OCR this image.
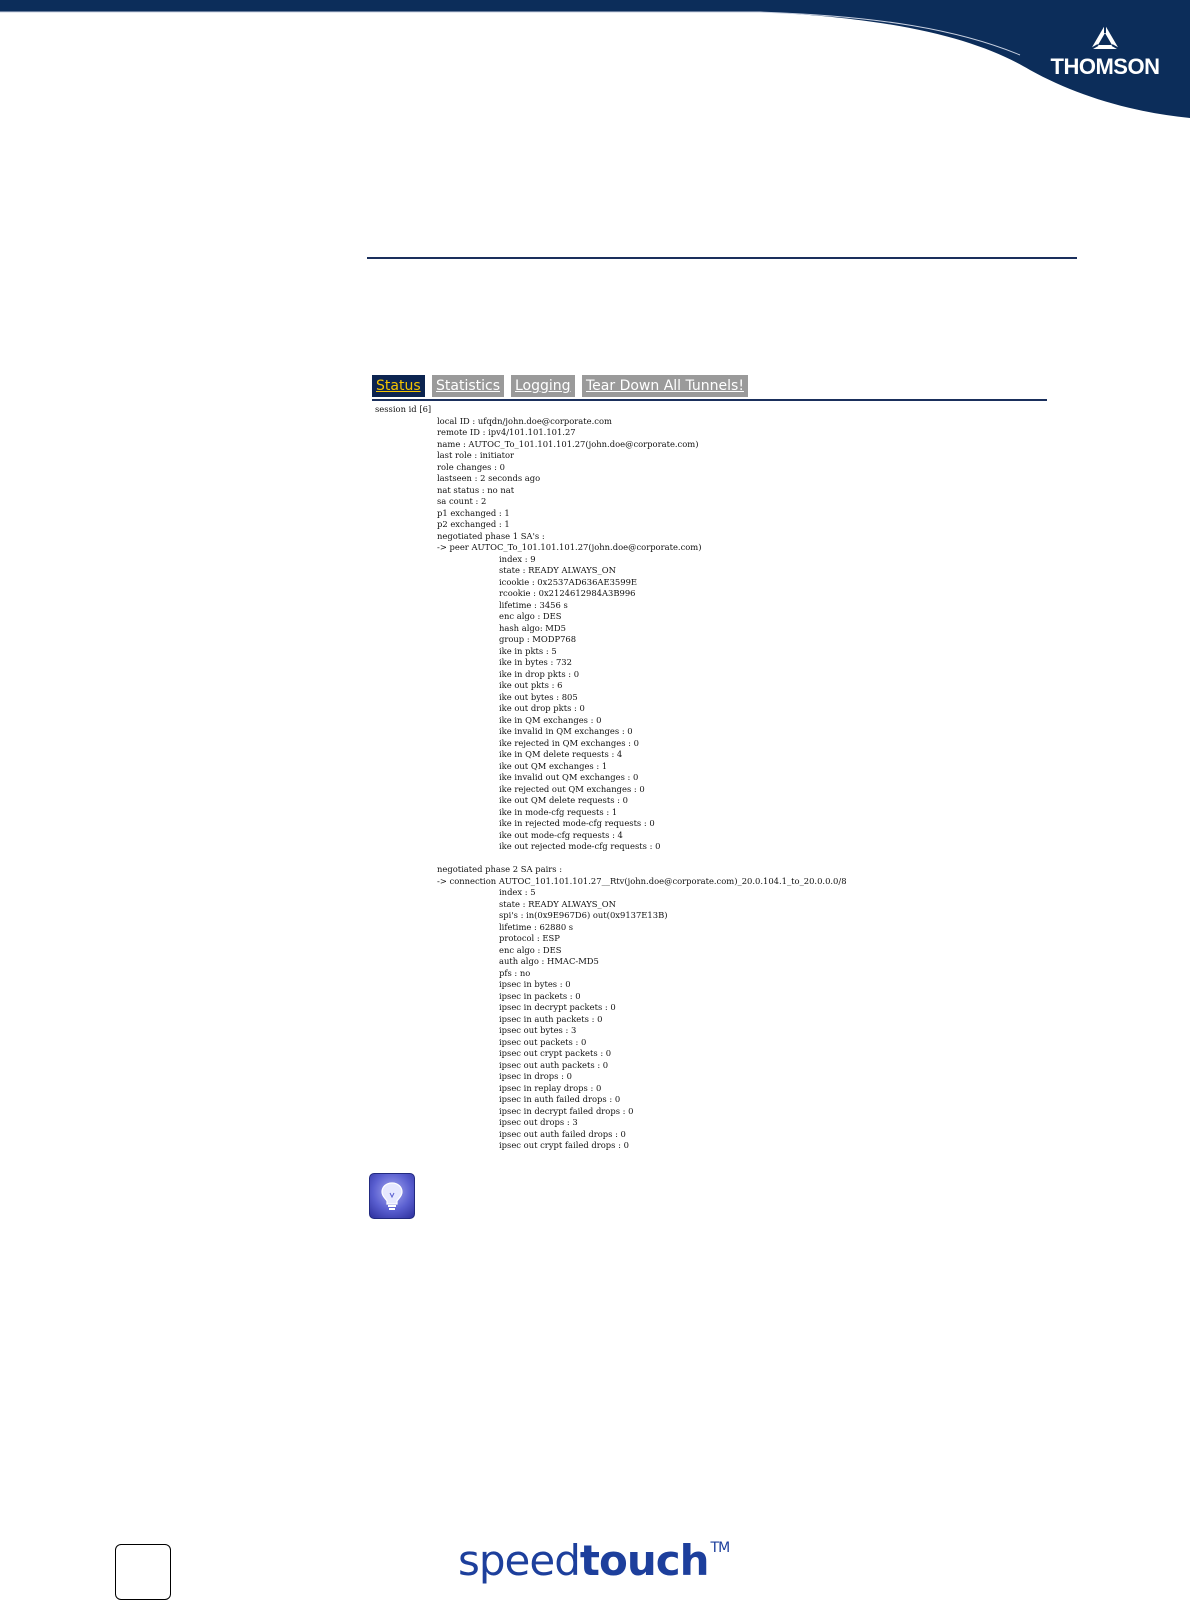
THOMSON
Status Statistics Logging Tear Down All Tunnels!
session id [6]
local ID : ufqdn/john.doe@corporate.com
remote ID : ipv4/101.101.101.27
name : AUTOC_To_101.101.101.27(john.doe@corporate.com)
last role : initiator
role changes : 0
lastseen : 2 seconds ago
nat status : no nat
sa count : 2
p1 exchanged : 1
p2 exchanged : 1
negotiated phase 1 SA's :
-> peer AUTOC_To_101.101.101.27(john.doe@corporate.com)
index : 9
state : READY ALWAYS_ON
icookie : 0x2537AD636AE3599E
rcookie : 0x2124612984A3B996
lifetime : 3456 s
enc algo : DES
hash algo: MD5
group : MODP768
ike in pkts : 5
ike in bytes : 732
ike in drop pkts : 0
ike out pkts : 6
ike out bytes : 805
ike out drop pkts : 0
ike in QM exchanges : 0
ike invalid in QM exchanges : 0
ike rejected in QM exchanges : 0
ike in QM delete requests : 4
ike out QM exchanges : 1
ike invalid out QM exchanges : 0
ike rejected out QM exchanges : 0
ike out QM delete requests : 0
ike in mode-cfg requests : 1
ike in rejected mode-cfg requests : 0
ike out mode-cfg requests : 4
ike out rejected mode-cfg requests : 0
negotiated phase 2 SA pairs :
-> connection AUTOC_101.101.101.27__Rtv(john.doe@corporate.com)_20.0.104.1_to_20.0.0.0/8
index : 5
state : READY ALWAYS_ON
spi's : in(0x9E967D6) out(0x9137E13B)
lifetime : 62880 s
protocol : ESP
enc algo : DES
auth algo : HMAC-MD5
pfs : no
ipsec in bytes : 0
ipsec in packets : 0
ipsec in decrypt packets : 0
ipsec in auth packets : 0
ipsec out bytes : 3
ipsec out packets : 0
ipsec out crypt packets : 0
ipsec out auth packets : 0
ipsec in drops : 0
ipsec in replay drops : 0
ipsec in auth failed drops : 0
ipsec in decrypt failed drops : 0
ipsec out drops : 3
ipsec out auth failed drops : 0
ipsec out crypt failed drops : 0
speedtouch ™
